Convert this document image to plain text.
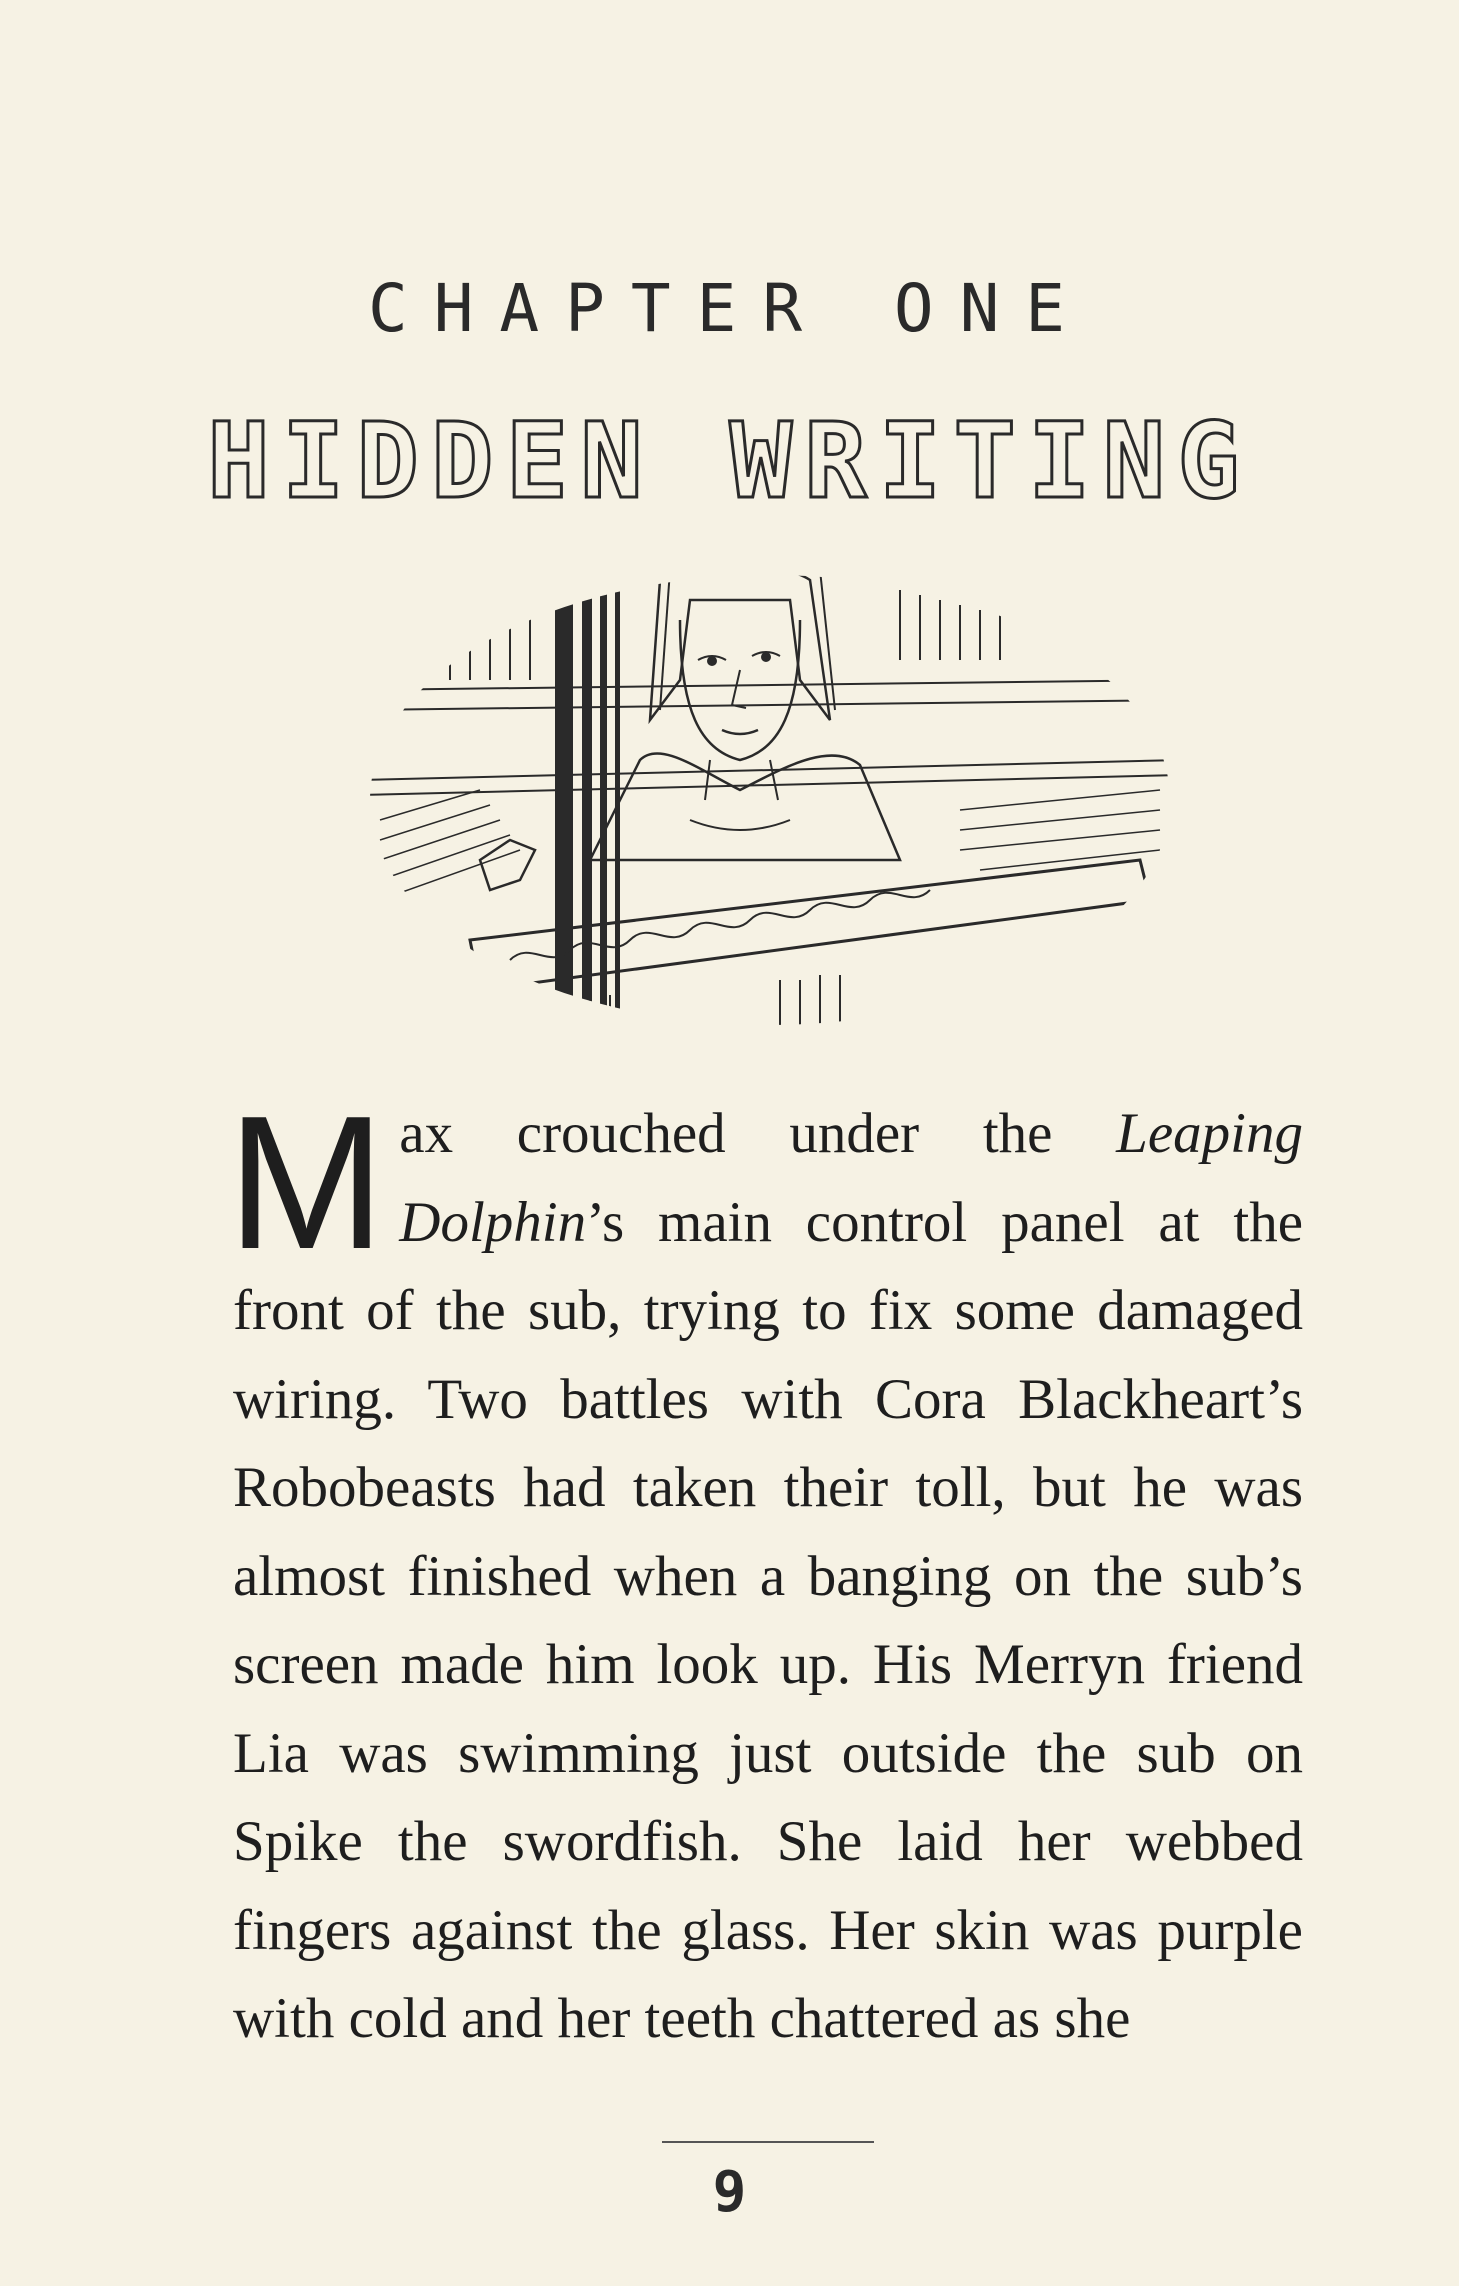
CHAPTER ONE
HIDDEN WRITING

Max crouched under the Leaping Dolphin’s main control panel at the front of the sub, trying to fix some damaged wiring. Two battles with Cora Blackheart’s Robobeasts had taken their toll, but he was almost finished when a banging on the sub’s screen made him look up. His Merryn friend Lia was swimming just outside the sub on Spike the swordfish. She laid her webbed fingers against the glass. Her skin was purple with cold and her teeth chattered as she

9
